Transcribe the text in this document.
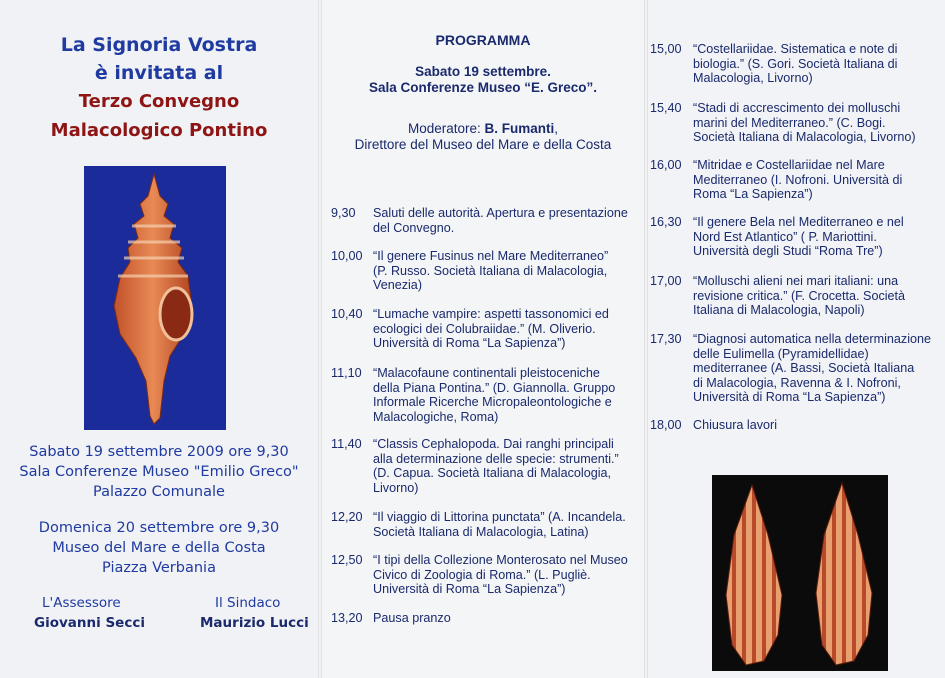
La Signoria Vostra
è invitata al
Terzo Convegno
Malacologico Pontino
Sabato 19 settembre 2009 ore 9,30
Sala Conferenze Museo "Emilio Greco"
Palazzo Comunale
Domenica 20 settembre ore 9,30
Museo del Mare e della Costa
Piazza Verbania
L'Assessore
Giovanni Secci
Il Sindaco
Maurizio Lucci
PROGRAMMA
Sabato 19 settembre.
Sala Conferenze Museo “E. Greco”.
Moderatore: B. Fumanti,
Direttore del Museo del Mare e della Costa
9,30 Saluti delle autorità. Apertura e presentazione
del Convegno.
10,00 “Il genere Fusinus nel Mare Mediterraneo”
(P. Russo. Società Italiana di Malacologia,
Venezia)
10,40 “Lumache vampire: aspetti tassonomici ed
ecologici dei Colubraiidae.” (M. Oliverio.
Università di Roma “La Sapienza”)
11,10 “Malacofaune continentali pleistoceniche
della Piana Pontina.” (D. Giannolla. Gruppo
Informale Ricerche Micropaleontologiche e
Malacologiche, Roma)
11,40 “Classis Cephalopoda. Dai ranghi principali
alla determinazione delle specie: strumenti.”
(D. Capua. Società Italiana di Malacologia,
Livorno)
12,20 “Il viaggio di Littorina punctata” (A. Incandela.
Società Italiana di Malacologia, Latina)
12,50 “I tipi della Collezione Monterosato nel Museo
Civico di Zoologia di Roma.” (L. Pugliè.
Università di Roma “La Sapienza”)
13,20 Pausa pranzo
15,00 “Costellariidae. Sistematica e note di
biologia.” (S. Gori. Società Italiana di
Malacologia, Livorno)
15,40 “Stadi di accrescimento dei molluschi
marini del Mediterraneo.” (C. Bogi.
Società Italiana di Malacologia, Livorno)
16,00 “Mitridae e Costellariidae nel Mare
Mediterraneo (I. Nofroni. Università di
Roma “La Sapienza”)
16,30 “Il genere Bela nel Mediterraneo e nel
Nord Est Atlantico” ( P. Mariottini.
Università degli Studi “Roma Tre”)
17,00 “Molluschi alieni nei mari italiani: una
revisione critica.” (F. Crocetta. Società
Italiana di Malacologia, Napoli)
17,30 “Diagnosi automatica nella determinazione
delle Eulimella (Pyramidellidae)
mediterranee (A. Bassi, Società Italiana
di Malacologia, Ravenna & I. Nofroni,
Università di Roma “La Sapienza”)
18,00 Chiusura lavori
